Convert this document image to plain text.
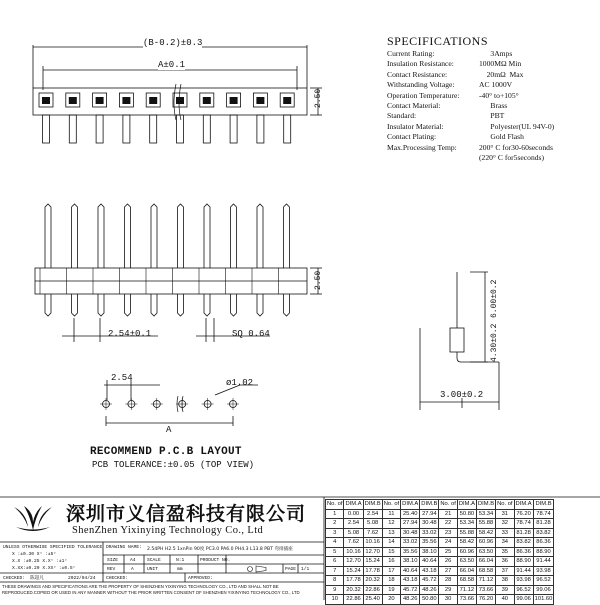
(B-0.2)±0.3
A±0.1
2.50
2.50
2.54±0.1	SQ 0.64
6.00±0.2
4.30±0.2
3.00±0.2
2.54	ø1.02
A
RECOMMEND P.C.B LAYOUT
PCB TOLERANCE:±0.05 (TOP VIEW)
SPECIFICATIONS
Current Rating:	3Amps
Insulation Resistance:	1000MΩ Min
Contact Resistance:	20mΩ  Max
Withstanding Voltage:	AC 1000V
Operation Temperature:	-40° to+105°
Contact Material:	Brass
Standard:	PBT
Insulator Material:	Polyester(UL 94V-0)
Contact Plating:	Gold Flash
Max.Processing Temp:	200° C for30-60seconds
(220° C for5seconds)
深圳市义信盈科技有限公司
ShenZhen Yixinying Technology Co., Ltd
UNLESS OTHERWISE SPECIFIED TOLERANCE
X :±0.30 X° :±5°
X.X :±0.25 X.X° :±1°
X.XX:±0.20 X.XX° :±0.5°
DRAWING NAME: 2.54PH H2.5 1xnPin 90度 PC3.0 PA6.0 PH4.3 L13.8 PBT 弯排插座
SIZE	A4 SCALE	N:1	PRODUCT NO.
REV	A	UNIT	mm	PAGE 1/1
CHECKED: 陈超凡	2022/04/24 CHECKED:	APPROVED:
THESE DRAWINGS AND SPECIFICATIONS ARE THE PROPERTY OF SHENZHEN YIXINYING TECHNOLOGY CO., LTD AND SHALL NOT BE REPRODUCED.COPIED OR USED IN ANY MANNER WITHOUT THE PRIOR WRITTEN CONSENT OF SHENZHEN YIXINYING TECHNOLOGY CO., LTD
No. of	DIM.A	DIM.B	No. of	DIM.A	DIM.B	No. of	DIM.A	DIM.B	No. of	DIM.A	DIM.B
1	0.00	2.54	11	25.40	27.94	21	50.80	53.34	31	76.20	78.74
2	2.54	5.08	12	27.94	30.48	22	53.34	55.88	32	78.74	81.28
3	5.08	7.62	13	30.48	33.02	23	55.88	58.42	33	81.28	83.82
4	7.62	10.16	14	33.02	35.56	24	58.42	60.96	34	83.82	86.36
5	10.16	12.70	15	35.56	38.10	25	60.96	63.50	35	86.36	88.90
6	12.70	15.24	16	38.10	40.64	26	63.50	66.04	36	88.90	91.44
7	15.24	17.78	17	40.64	43.18	27	66.04	68.58	37	91.44	93.98
8	17.78	20.32	18	43.18	45.72	28	68.58	71.12	38	93.98	96.52
9	20.32	22.86	19	45.72	48.26	29	71.12	73.66	39	96.52	99.06
10	22.86	25.40	20	48.26	50.80	30	73.66	76.20	40	99.06	101.60
